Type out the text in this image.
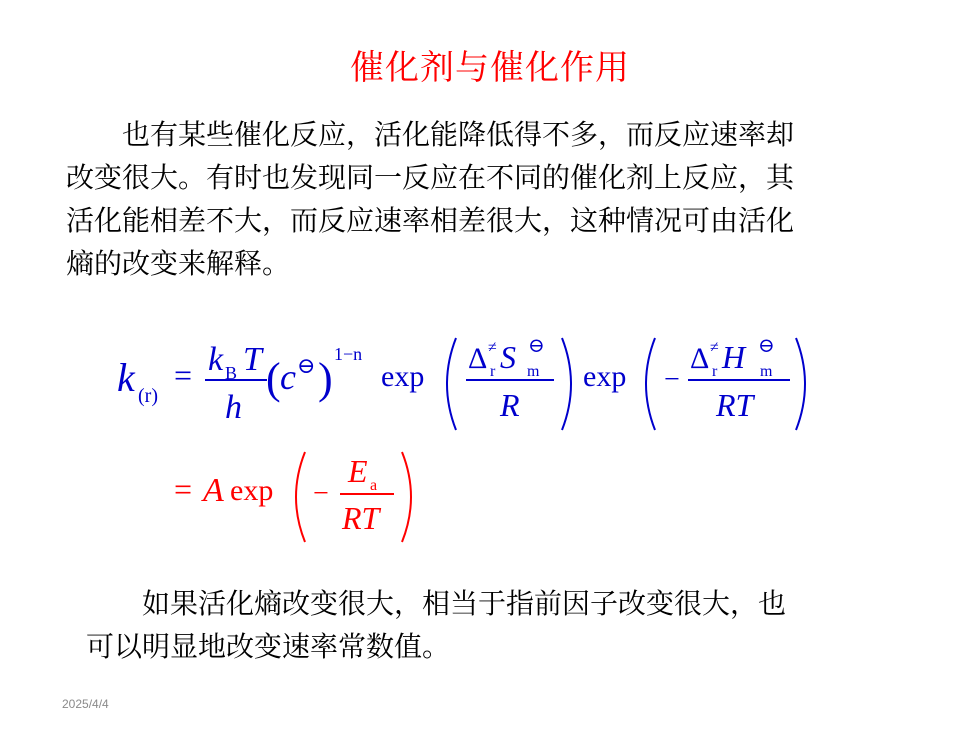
催化剂与催化作用
也有某些催化反应，活化能降低得不多，而反应速率却
改变很大。有时也发现同一反应在不同的催化剂上反应，其
活化能相差不大，而反应速率相差很大，这种情况可由活化
熵的改变来解释。
k (r)
= k B T
h
( c ⊖ ) 1−n
exp
Δ ≠
r S ⊖
m
R
exp −
Δ ≠
r H ⊖
m
RT
= A exp −
E a
RT
如果活化熵改变很大，相当于指前因子改变很大，也
可以明显地改变速率常数值。
2025/4/4
